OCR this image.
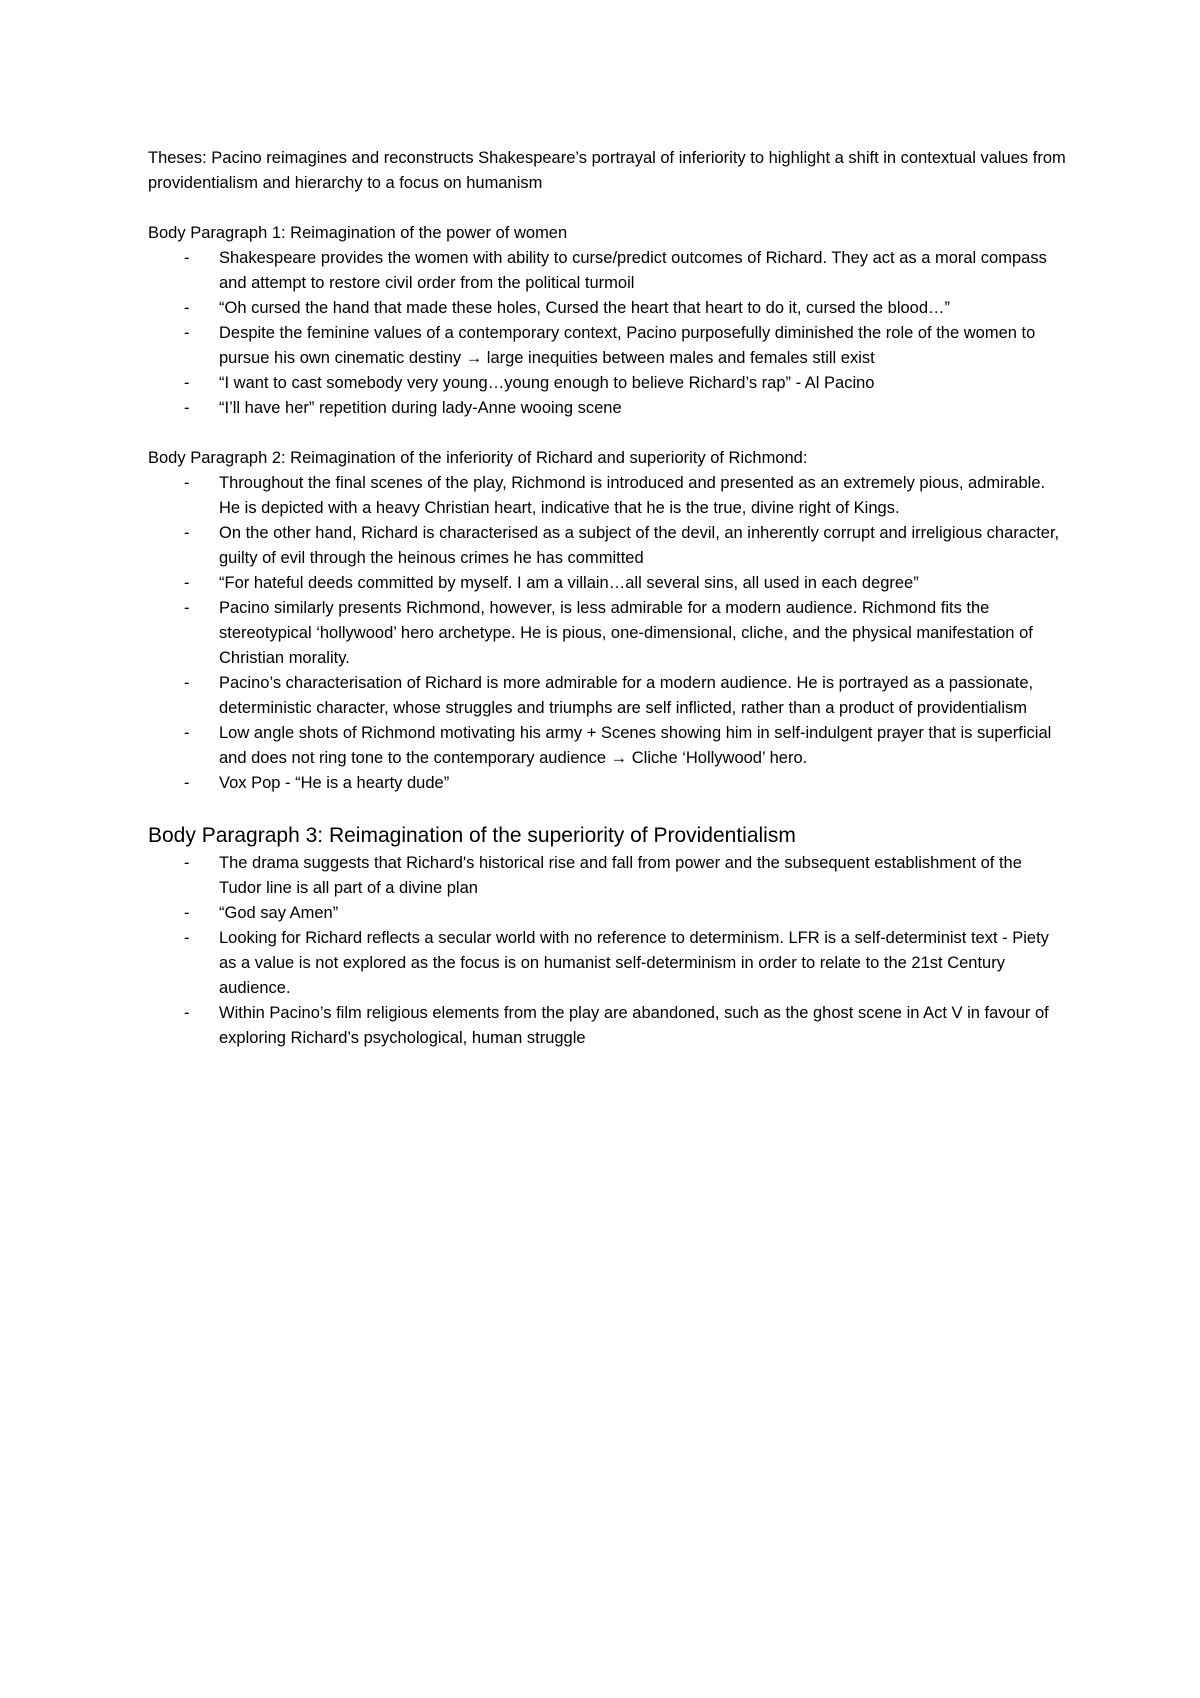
Theses: Pacino reimagines and reconstructs Shakespeare’s portrayal of inferiority to highlight a shift in contextual values from providentialism and hierarchy to a focus on humanism

Body Paragraph 1: Reimagination of the power of women

- Shakespeare provides the women with ability to curse/predict outcomes of Richard. They act as a moral compass and attempt to restore civil order from the political turmoil
- “Oh cursed the hand that made these holes, Cursed the heart that heart to do it, cursed the blood…”
- Despite the feminine values of a contemporary context, Pacino purposefully diminished the role of the women to pursue his own cinematic destiny → large inequities between males and females still exist
- “I want to cast somebody very young…young enough to believe Richard’s rap” - Al Pacino
- “I’ll have her” repetition during lady-Anne wooing scene

Body Paragraph 2: Reimagination of the inferiority of Richard and superiority of Richmond:

- Throughout the final scenes of the play, Richmond is introduced and presented as an extremely pious, admirable. He is depicted with a heavy Christian heart, indicative that he is the true, divine right of Kings.
- On the other hand, Richard is characterised as a subject of the devil, an inherently corrupt and irreligious character, guilty of evil through the heinous crimes he has committed
- “For hateful deeds committed by myself. I am a villain…all several sins, all used in each degree”
- Pacino similarly presents Richmond, however, is less admirable for a modern audience. Richmond fits the stereotypical ‘hollywood’ hero archetype. He is pious, one-dimensional, cliche, and the physical manifestation of Christian morality.
- Pacino’s characterisation of Richard is more admirable for a modern audience. He is portrayed as a passionate, deterministic character, whose struggles and triumphs are self inflicted, rather than a product of providentialism
- Low angle shots of Richmond motivating his army + Scenes showing him in self-indulgent prayer that is superficial and does not ring tone to the contemporary audience → Cliche ‘Hollywood’ hero.
- Vox Pop - “He is a hearty dude”

Body Paragraph 3: Reimagination of the superiority of Providentialism

- The drama suggests that Richard's historical rise and fall from power and the subsequent establishment of the Tudor line is all part of a divine plan
- “God say Amen”
- Looking for Richard reflects a secular world with no reference to determinism. LFR is a self-determinist text - Piety as a value is not explored as the focus is on humanist self-determinism in order to relate to the 21st Century audience.
- Within Pacino’s film religious elements from the play are abandoned, such as the ghost scene in Act V in favour of exploring Richard’s psychological, human struggle
